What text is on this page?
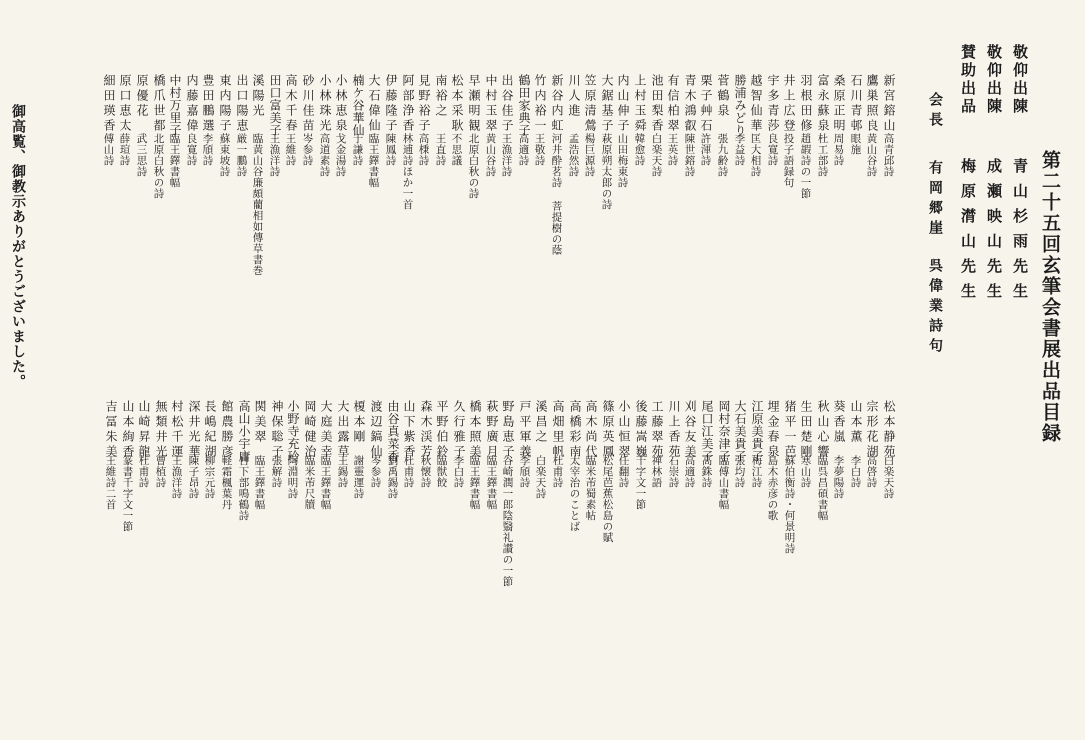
第二十五回玄筆会書展出品目録
敬仰出陳
青山杉雨先生
敬仰出陳
成瀬映山先生
賛助出品
梅原潸山先生
会長
有岡郷崖
呉偉業詩句
新宮鎔山
高青邱詩
鷹巣照良
黄山谷詩
石川青邨
眼施
桑原正明
周易詩
富永蘇泉
杜工部詩
羽根田修
趙嘏詩の一節
井上広登
投子語録句
宇多青莎
良寛詩
越智仙華
匡大相詩
勝浦みどり
李益詩
菅鶴泉
張九齢詩
栗子艸石
許渾詩
青木鴻叡
陳世鎔詩
有信柏翠
王英詩
池田梨香
白楽天詩
上村玉舜
韓愈詩
内山伸子
山田梅東詩
大鋸基子
萩原朔太郎の詩
笠原清鶯
楊巨源詩
川人進
孟浩然詩
新谷内虹
河井酔茗詩 菩提樹の蔭
竹内裕一
王敬詩
鶴田家典子
高適詩
出谷佳子
王漁洋詩
中村玉翠
黄山谷詩
早瀬明観
北原白秋の詩
松本采耿
不思議
南裕之
王直詩
見野裕子
高棅詩
阿部浄香
林逋詩ほか一首
伊藤隆子
陳鳳詩
大石偉仙
臨王鐸書幅
楠ケ谷華仙
于謙詩
小林恵泉
戈金湯詩
小林珠光
高道素詩
砂川佳苗
岑参詩
高木千春
王維詩
田口富美子
王漁洋詩
溪陽光
臨黄山谷廉頗藺相如傳草書巻
出口陽恵
厳一鵬詩
東内陽子
蘇東坡詩
豊田鵬選
李頎詩
内藤嘉偉
良寛詩
中村万里子
臨王鐸書幅
橋爪世都
北原白秋の詩
原優花
武三思詩
原口恵太
薛瑄詩
細田瑛香
傅山詩
松本静苑
白楽天詩
宗形花湖
高啓詩
山本薫
李白詩
葵香嵐
李夢陽詩
秋山心響
臨呉昌碩書幅
生田楚剛
寒山詩
猪平一芭
蘇伯衡詩・何景明詩
埋金春泉
島木赤彦の歌
江原美貴子
梅江詩
大石美貴子
張均詩
岡村奈津子
臨傅山書幅
尾口江美子
高銖詩
刈谷友美
高適詩
川上香苑
石崇詩
工藤翠苑
禅林語
後藤嵩巍
千字文一節
小山恒翠
任翻詩
篠原英鳳
松尾芭蕉松島の賦
高木尚代
臨米芾蜀素帖
高橋彩南
太宰治のことば
高畑里帆
杜甫詩
溪昌之
白楽天詩
戸平軍義
李頎詩
野島恵子
谷崎潤一郎陰翳礼讃の一節
萩野廣月
臨王鐸書幅
橋本照美
臨王鐸書幅
久行雅子
李白詩
平野伯鈴
臨獣餃
森木渓芳
秋懐詩
山下紫香
杜甫詩
由谷真菜香
劉禹錫詩
渡辺鎬仙
岑参詩
榎本剛
謝靈運詩
大出露草
王錫詩
大庭美幸
臨王鐸書幅
岡崎健治
臨米芾尺牘
小野寺充玲
陶淵明詩
神保聡子
張解詩
関美翠
臨王鐸書幅
高山小宇庸
日下部鳴鶴詩
館農勝彦
軽霜楓葉丹
長嶋紀湖
柳宗元詩
深井光華
陳子昂詩
村松千運
王漁洋詩
無類井光
曹植詩
山崎昇龍
杜甫詩
山本絢香
篆書千字文一節
吉冨朱美
王維詩二首
御高覧、御教示ありがとうございました。
